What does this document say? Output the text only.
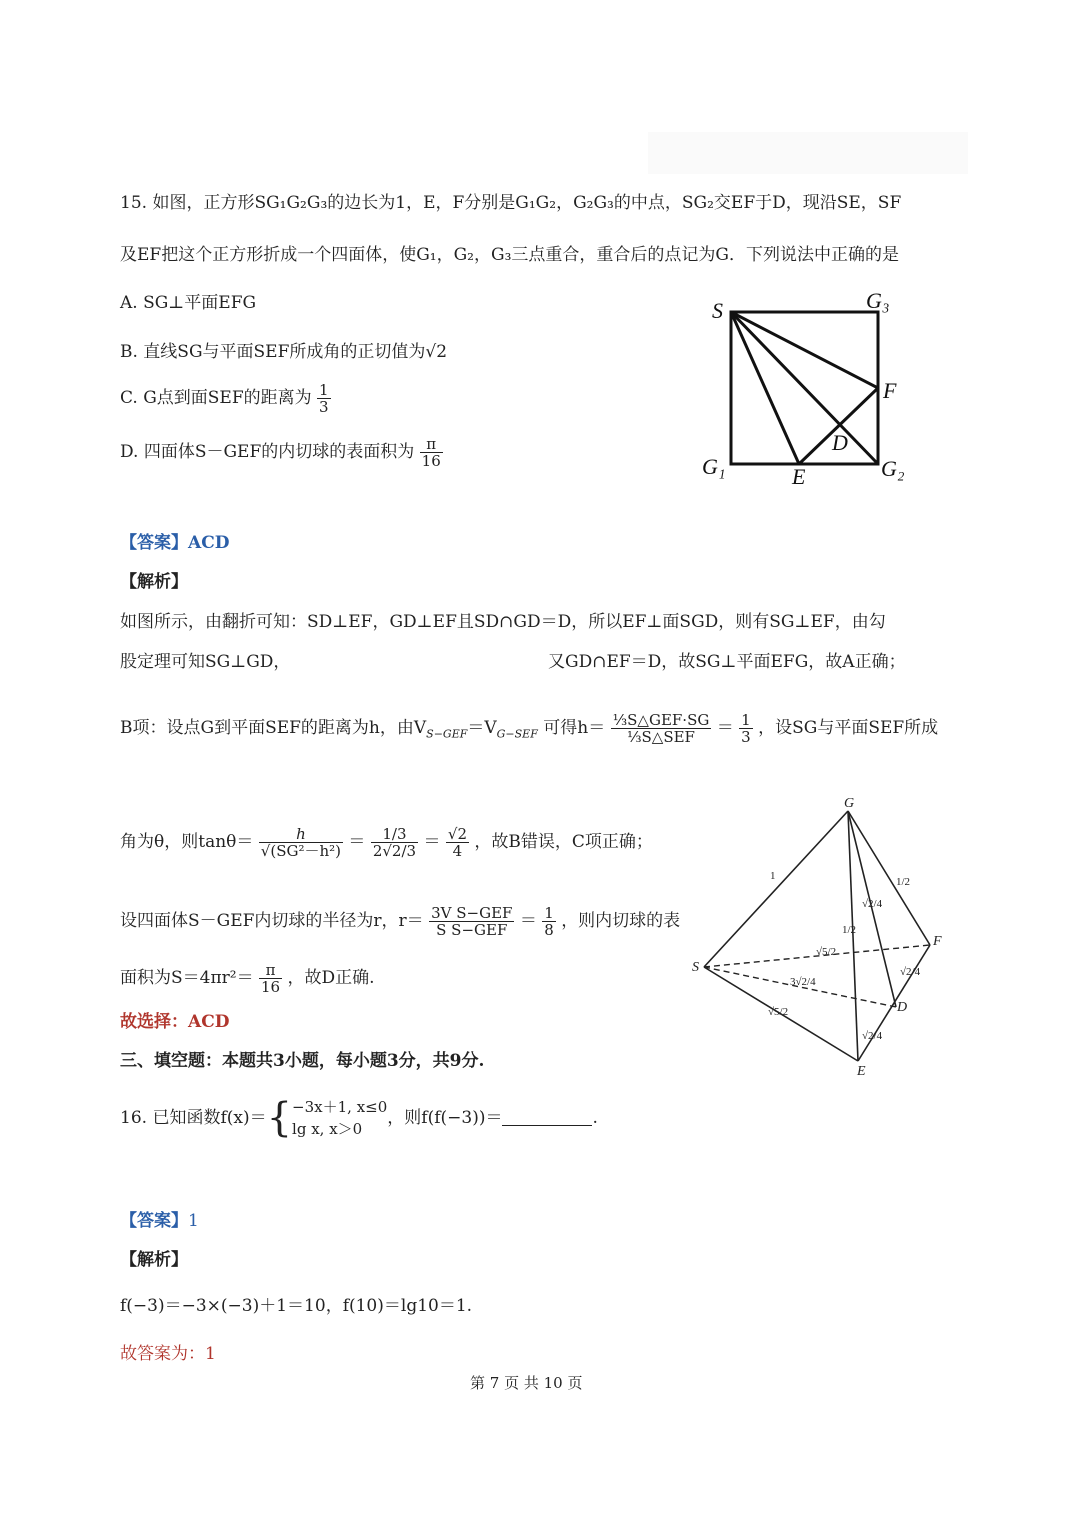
15. 如图，正方形SG₁G₂G₃的边长为1，E，F分别是G₁G₂，G₂G₃的中点，SG₂交EF于D，现沿SE，SF
及EF把这个正方形折成一个四面体，使G₁，G₂，G₃三点重合，重合后的点记为G．下列说法中正确的是
A. SG⊥平面EFG
B. 直线SG与平面SEF所成角的正切值为√2
C. G点到面SEF的距离为 $\frac{1}{3}$
D. 四面体S－GEF的内切球的表面积为 $\frac{\pi}{16}$
S	G₃
F
D
G₁	E	G₂
【答案】ACD
【解析】
如图所示，由翻折可知：SD⊥EF，GD⊥EF且SD∩GD＝D，所以EF⊥面SGD，则有SG⊥EF，由勾
股定理可知SG⊥GD，	又GD∩EF＝D，故SG⊥平面EFG，故A正确；
B项：设点G到平面SEF的距离为h，由$V_{S-GEF}=V_{G-SEF}$ 可得$h= \frac{\text{⅓S△GEF·SG}}{\text{⅓S△SEF}} = \frac{1}{3}$ ，设SG与平面SEF所成
角为θ，则$\tan\theta= \frac{h}{\text{√(SG²－h²)}} = \frac{1/3}{2√2/3} = \frac{√2}{4}$ ，故B错误，C项正确；
设四面体S－GEF内切球的半径为r，$r= \frac{\text{3V S−GEF}}{\text{S S−GEF}} = \frac{1}{8}$ ，则内切球的表
面积为$S=4\pi r^2= \frac{\pi}{16}$ ，故D正确.
故选择：ACD
G
S
F
D
E
1	1/2
√2/4
1/2
√5/2
3√2/4
√5/2
√2/4
√2/4
三、填空题：本题共3小题，每小题3分，共9分.
16. 已知函数f(x)＝ { −3x＋1, x≤0
lg x, x＞0
，则f(f(−3))＝	.
【答案】1
【解析】
f(−3)＝−3×(−3)＋1＝10，f(10)＝lg10＝1.
故答案为：1
第 7 页 共 10 页
